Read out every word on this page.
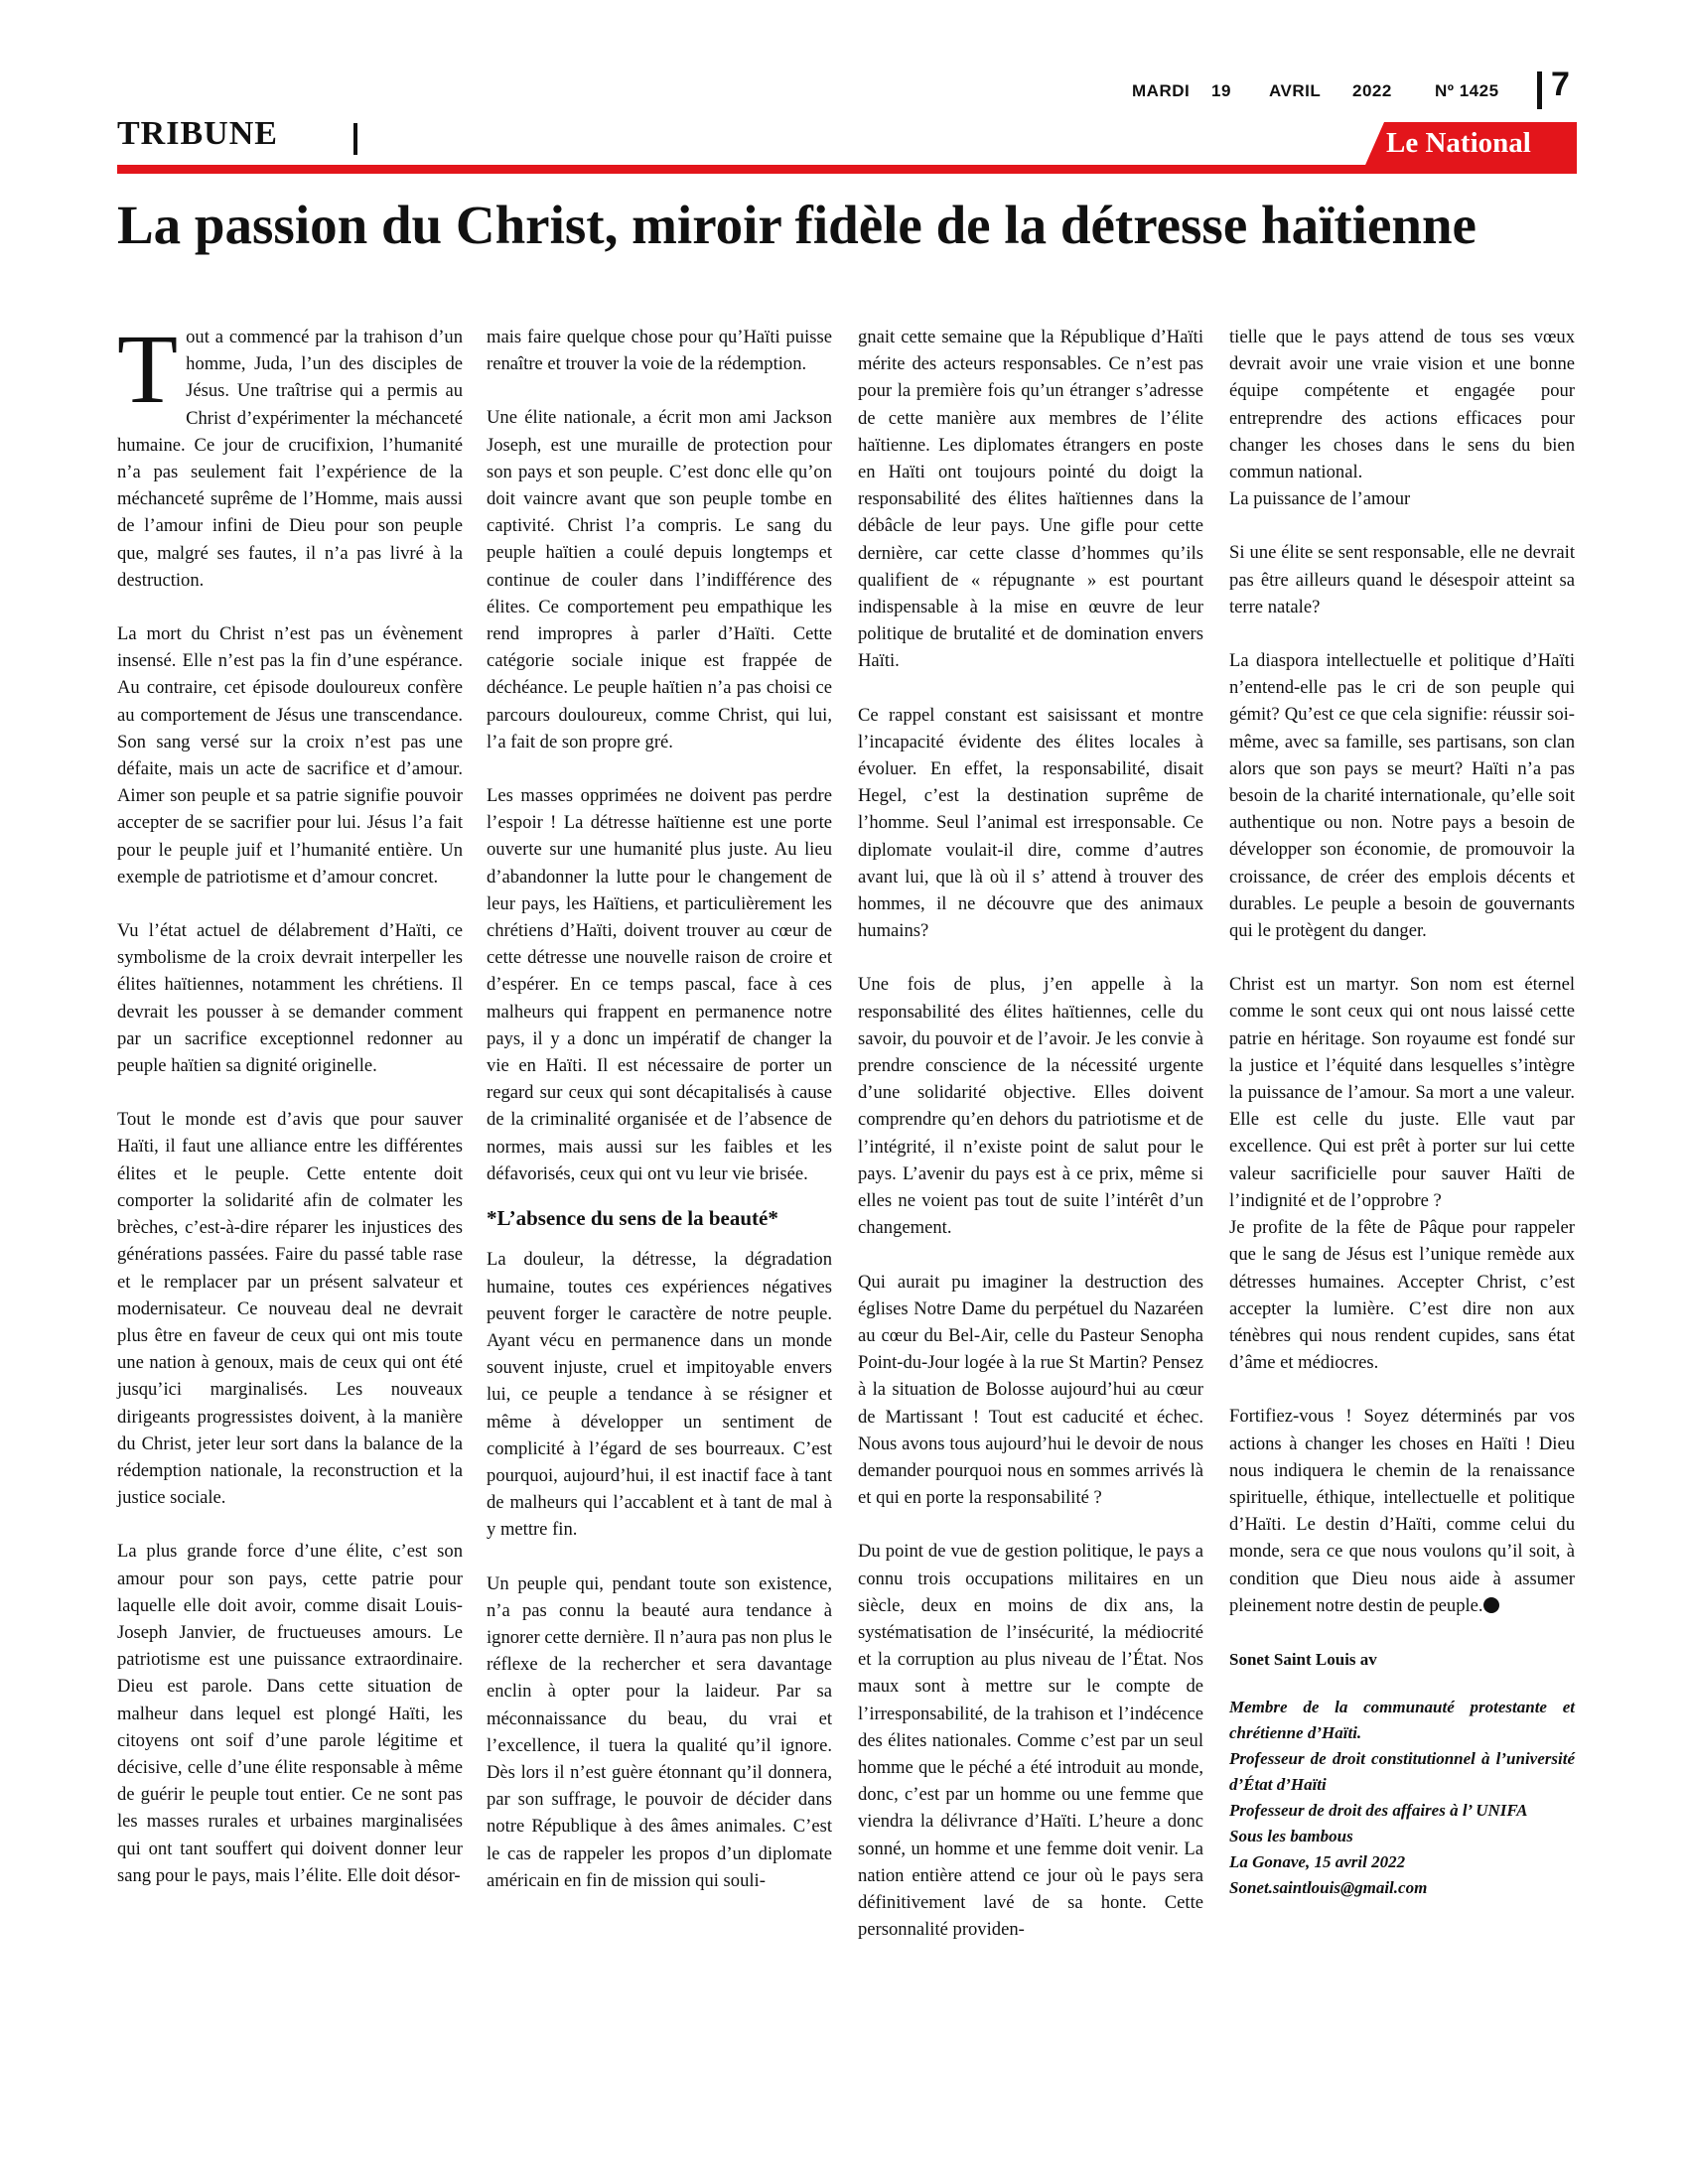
MARDI 19 AVRIL 2022	Nº 1425 7
TRIBUNE	Le National
La passion du Christ, miroir fidèle de la détresse haïtienne

Tout a commencé par la trahison d’un homme, Juda, l’un des disciples de Jésus. Une traîtrise qui a permis au Christ d’expérimenter la méchanceté humaine. Ce jour de crucifixion, l’humanité n’a pas seulement fait l’expérience de la méchanceté suprême de l’Homme, mais aussi de l’amour infini de Dieu pour son peuple que, malgré ses fautes, il n’a pas livré à la destruction.

La mort du Christ n’est pas un évènement insensé. Elle n’est pas la fin d’une espérance. Au contraire, cet épisode douloureux confère au comportement de Jésus une transcendance. Son sang versé sur la croix n’est pas une défaite, mais un acte de sacrifice et d’amour. Aimer son peuple et sa patrie signifie pouvoir accepter de se sacrifier pour lui. Jésus l’a fait pour le peuple juif et l’humanité entière. Un exemple de patriotisme et d’amour concret.

Vu l’état actuel de délabrement d’Haïti, ce symbolisme de la croix devrait interpeller les élites haïtiennes, notamment les chrétiens. Il devrait les pousser à se demander comment par un sacrifice exceptionnel redonner au peuple haïtien sa dignité originelle.

Tout le monde est d’avis que pour sauver Haïti, il faut une alliance entre les différentes élites et le peuple. Cette entente doit comporter la solidarité afin de colmater les brèches, c’est-à-dire réparer les injustices des générations passées. Faire du passé table rase et le remplacer par un présent salvateur et modernisateur. Ce nouveau deal ne devrait plus être en faveur de ceux qui ont mis toute une nation à genoux, mais de ceux qui ont été jusqu’ici marginalisés. Les nouveaux dirigeants progressistes doivent, à la manière du Christ, jeter leur sort dans la balance de la rédemption nationale, la reconstruction et la justice sociale.

La plus grande force d’une élite, c’est son amour pour son pays, cette patrie pour laquelle elle doit avoir, comme disait Louis-Joseph Janvier, de fructueuses amours. Le patriotisme est une puissance extraordinaire. Dieu est parole. Dans cette situation de malheur dans lequel est plongé Haïti, les citoyens ont soif d’une parole légitime et décisive, celle d’une élite responsable à même de guérir le peuple tout entier. Ce ne sont pas les masses rurales et urbaines marginalisées qui ont tant souffert qui doivent donner leur sang pour le pays, mais l’élite. Elle doit désor-

mais faire quelque chose pour qu’Haïti puisse renaître et trouver la voie de la rédemption.

Une élite nationale, a écrit mon ami Jackson Joseph, est une muraille de protection pour son pays et son peuple. C’est donc elle qu’on doit vaincre avant que son peuple tombe en captivité. Christ l’a compris. Le sang du peuple haïtien a coulé depuis longtemps et continue de couler dans l’indifférence des élites. Ce comportement peu empathique les rend impropres à parler d’Haïti. Cette catégorie sociale inique est frappée de déchéance. Le peuple haïtien n’a pas choisi ce parcours douloureux, comme Christ, qui lui, l’a fait de son propre gré.

Les masses opprimées ne doivent pas perdre l’espoir ! La détresse haïtienne est une porte ouverte sur une humanité plus juste. Au lieu d’abandonner la lutte pour le changement de leur pays, les Haïtiens, et particulièrement les chrétiens d’Haïti, doivent trouver au cœur de cette détresse une nouvelle raison de croire et d’espérer. En ce temps pascal, face à ces malheurs qui frappent en permanence notre pays, il y a donc un impératif de changer la vie en Haïti. Il est nécessaire de porter un regard sur ceux qui sont décapitalisés à cause de la criminalité organisée et de l’absence de normes, mais aussi sur les faibles et les défavorisés, ceux qui ont vu leur vie brisée.

*L’absence du sens de la beauté*

La douleur, la détresse, la dégradation humaine, toutes ces expériences négatives peuvent forger le caractère de notre peuple. Ayant vécu en permanence dans un monde souvent injuste, cruel et impitoyable envers lui, ce peuple a tendance à se résigner et même à développer un sentiment de complicité à l’égard de ses bourreaux. C’est pourquoi, aujourd’hui, il est inactif face à tant de malheurs qui l’accablent et à tant de mal à y mettre fin.

Un peuple qui, pendant toute son existence, n’a pas connu la beauté aura tendance à ignorer cette dernière. Il n’aura pas non plus le réflexe de la rechercher et sera davantage enclin à opter pour la laideur. Par sa méconnaissance du beau, du vrai et l’excellence, il tuera la qualité qu’il ignore. Dès lors il n’est guère étonnant qu’il donnera, par son suffrage, le pouvoir de décider dans notre République à des âmes animales. C’est le cas de rappeler les propos d’un diplomate américain en fin de mission qui souli-

gnait cette semaine que la République d’Haïti mérite des acteurs responsables. Ce n’est pas pour la première fois qu’un étranger s’adresse de cette manière aux membres de l’élite haïtienne. Les diplomates étrangers en poste en Haïti ont toujours pointé du doigt la responsabilité des élites haïtiennes dans la débâcle de leur pays. Une gifle pour cette dernière, car cette classe d’hommes qu’ils qualifient de « répugnante » est pourtant indispensable à la mise en œuvre de leur politique de brutalité et de domination envers Haïti.

Ce rappel constant est saisissant et montre l’incapacité évidente des élites locales à évoluer. En effet, la responsabilité, disait Hegel, c’est la destination suprême de l’homme. Seul l’animal est irresponsable. Ce diplomate voulait-il dire, comme d’autres avant lui, que là où il s’ attend à trouver des hommes, il ne découvre que des animaux humains?

Une fois de plus, j’en appelle à la responsabilité des élites haïtiennes, celle du savoir, du pouvoir et de l’avoir. Je les convie à prendre conscience de la nécessité urgente d’une solidarité objective. Elles doivent comprendre qu’en dehors du patriotisme et de l’intégrité, il n’existe point de salut pour le pays. L’avenir du pays est à ce prix, même si elles ne voient pas tout de suite l’intérêt d’un changement.

Qui aurait pu imaginer la destruction des églises Notre Dame du perpétuel du Nazaréen au cœur du Bel-Air, celle du Pasteur Senopha Point-du-Jour logée à la rue St Martin? Pensez à la situation de Bolosse aujourd’hui au cœur de Martissant ! Tout est caducité et échec. Nous avons tous aujourd’hui le devoir de nous demander pourquoi nous en sommes arrivés là et qui en porte la responsabilité ?

Du point de vue de gestion politique, le pays a connu trois occupations militaires en un siècle, deux en moins de dix ans, la systématisation de l’insécurité, la médiocrité et la corruption au plus niveau de l’État. Nos maux sont à mettre sur le compte de l’irresponsabilité, de la trahison et l’indécence des élites nationales. Comme c’est par un seul homme que le péché a été introduit au monde, donc, c’est par un homme ou une femme que viendra la délivrance d’Haïti. L’heure a donc sonné, un homme et une femme doit venir. La nation entière attend ce jour où le pays sera définitivement lavé de sa honte. Cette personnalité providen-

tielle que le pays attend de tous ses vœux devrait avoir une vraie vision et une bonne équipe compétente et engagée pour entreprendre des actions efficaces pour changer les choses dans le sens du bien commun national.

La puissance de l’amour

Si une élite se sent responsable, elle ne devrait pas être ailleurs quand le désespoir atteint sa terre natale?

La diaspora intellectuelle et politique d’Haïti n’entend-elle pas le cri de son peuple qui gémit? Qu’est ce que cela signifie: réussir soi-même, avec sa famille, ses partisans, son clan alors que son pays se meurt? Haïti n’a pas besoin de la charité internationale, qu’elle soit authentique ou non. Notre pays a besoin de développer son économie, de promouvoir la croissance, de créer des emplois décents et durables. Le peuple a besoin de gouvernants qui le protègent du danger.

Christ est un martyr. Son nom est éternel comme le sont ceux qui ont nous laissé cette patrie en héritage. Son royaume est fondé sur la justice et l’équité dans lesquelles s’intègre la puissance de l’amour. Sa mort a une valeur. Elle est celle du juste. Elle vaut par excellence. Qui est prêt à porter sur lui cette valeur sacrificielle pour sauver Haïti de l’indignité et de l’opprobre ?

Je profite de la fête de Pâque pour rappeler que le sang de Jésus est l’unique remède aux détresses humaines. Accepter Christ, c’est accepter la lumière. C’est dire non aux ténèbres qui nous rendent cupides, sans état d’âme et médiocres.

Fortifiez-vous ! Soyez déterminés par vos actions à changer les choses en Haïti ! Dieu nous indiquera le chemin de la renaissance spirituelle, éthique, intellectuelle et politique d’Haïti. Le destin d’Haïti, comme celui du monde, sera ce que nous voulons qu’il soit, à condition que Dieu nous aide à assumer pleinement notre destin de peuple.

Sonet Saint Louis av
Membre de la communauté protestante et chrétienne d’Haïti.
Professeur de droit constitutionnel à l’université d’État d’Haïti
Professeur de droit des affaires à l’ UNIFA
Sous les bambous
La Gonave, 15 avril 2022
Sonet.saintlouis@gmail.com
